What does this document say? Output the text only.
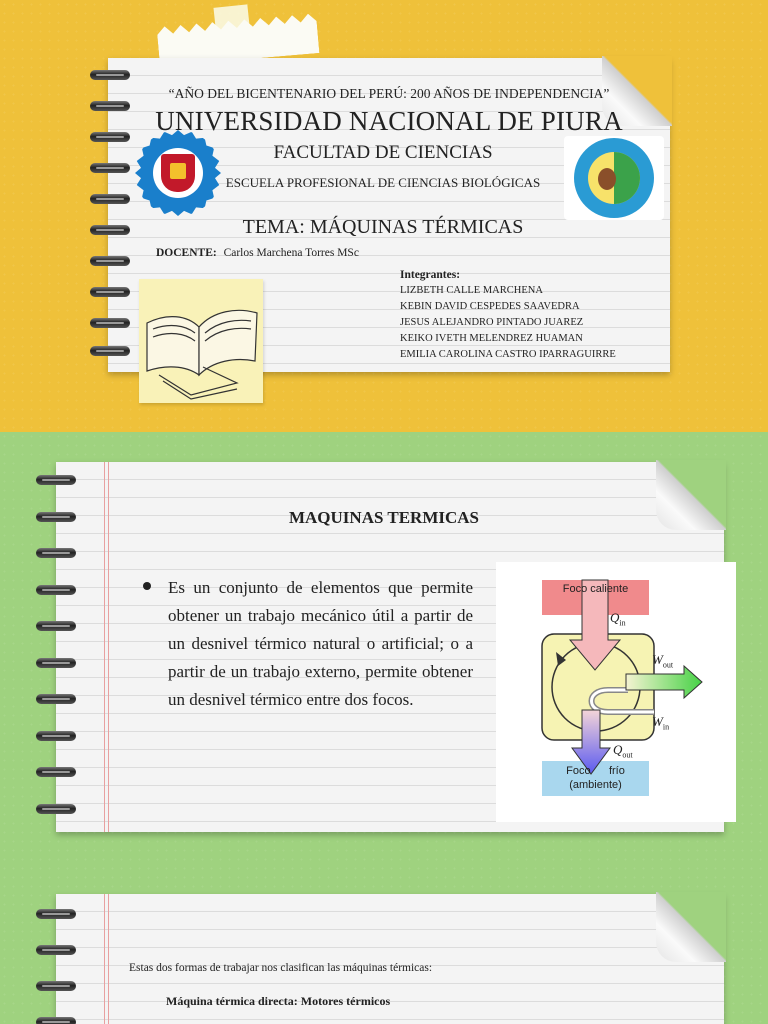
“AÑO DEL BICENTENARIO DEL PERÚ: 200 AÑOS DE INDEPENDENCIA”
UNIVERSIDAD NACIONAL DE PIURA
FACULTAD DE CIENCIAS
ESCUELA PROFESIONAL DE CIENCIAS BIOLÓGICAS
TEMA: MÁQUINAS TÉRMICAS
DOCENTE: Carlos Marchena Torres MSc
Integrantes:
LIZBETH CALLE MARCHENA
KEBIN DAVID CESPEDES SAAVEDRA
JESUS ALEJANDRO PINTADO JUAREZ
KEIKO IVETH MELENDREZ HUAMAN
EMILIA CAROLINA CASTRO IPARRAGUIRRE
MAQUINAS TERMICAS
Es un conjunto de elementos que permite obtener un trabajo mecánico útil a partir de un desnivel térmico natural o artificial; o a partir de un trabajo externo, permite obtener un desnivel térmico entre dos focos.
Foco caliente
Foco frío
(ambiente)
$Q_{in}$
$W_{out}$
$W_{in}$
$Q_{out}$
Estas dos formas de trabajar nos clasifican las máquinas térmicas:
Máquina térmica directa: Motores térmicos
